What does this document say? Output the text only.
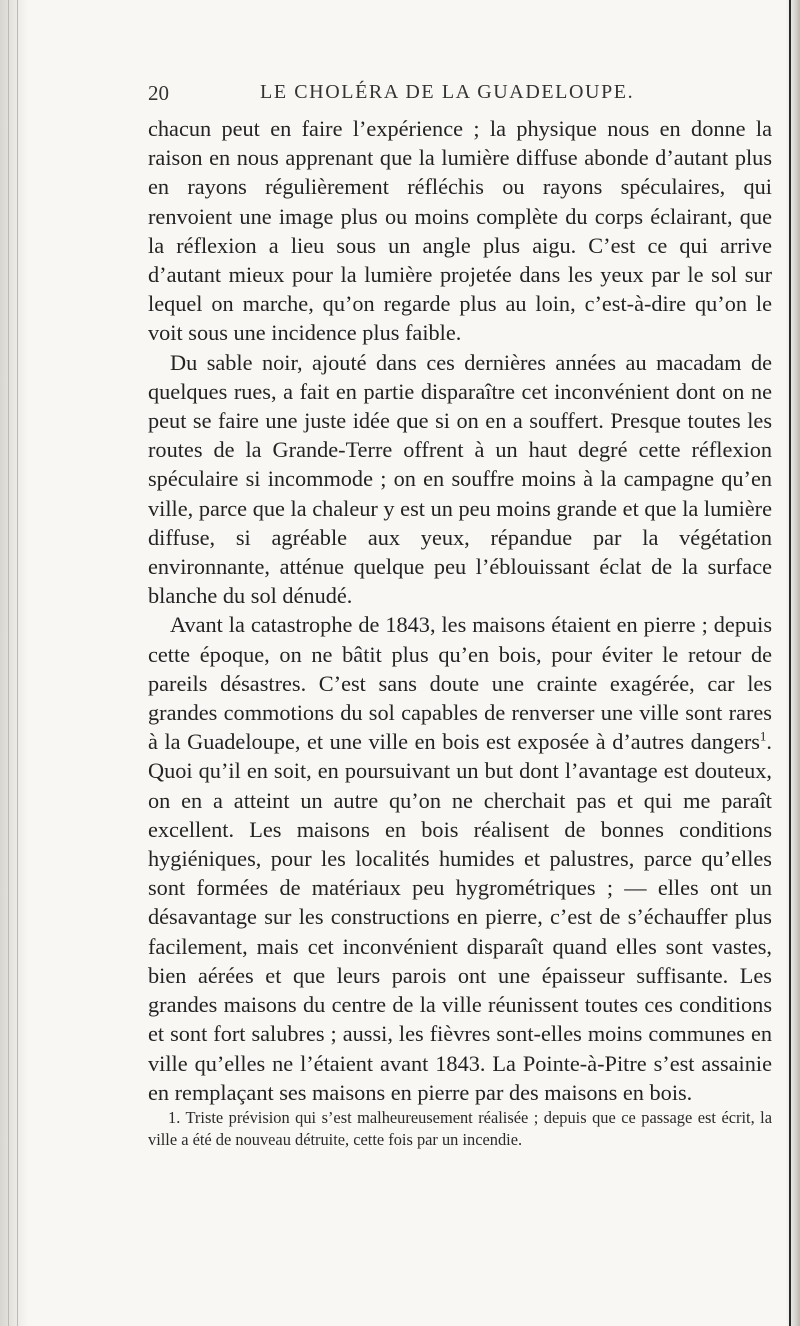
20	LE CHOLÉRA DE LA GUADELOUPE.

chacun peut en faire l’expérience ; la physique nous en donne la raison en nous apprenant que la lumière diffuse abonde d’autant plus en rayons régulièrement réfléchis ou rayons spéculaires, qui renvoient une image plus ou moins complète du corps éclairant, que la réflexion a lieu sous un angle plus aigu. C’est ce qui arrive d’autant mieux pour la lumière projetée dans les yeux par le sol sur lequel on marche, qu’on regarde plus au loin, c’est-à-dire qu’on le voit sous une incidence plus faible.

Du sable noir, ajouté dans ces dernières années au macadam de quelques rues, a fait en partie disparaître cet inconvénient dont on ne peut se faire une juste idée que si on en a souffert. Presque toutes les routes de la Grande-Terre offrent à un haut degré cette réflexion spéculaire si incommode ; on en souffre moins à la campagne qu’en ville, parce que la chaleur y est un peu moins grande et que la lumière diffuse, si agréable aux yeux, répandue par la végétation environnante, atténue quelque peu l’éblouissant éclat de la surface blanche du sol dénudé.

Avant la catastrophe de 1843, les maisons étaient en pierre ; depuis cette époque, on ne bâtit plus qu’en bois, pour éviter le retour de pareils désastres. C’est sans doute une crainte exagérée, car les grandes commotions du sol capables de renverser une ville sont rares à la Guadeloupe, et une ville en bois est exposée à d’autres dangers$^1$. Quoi qu’il en soit, en poursuivant un but dont l’avantage est douteux, on en a atteint un autre qu’on ne cherchait pas et qui me paraît excellent. Les maisons en bois réalisent de bonnes conditions hygiéniques, pour les localités humides et palustres, parce qu’elles sont formées de matériaux peu hygrométriques ; — elles ont un désavantage sur les constructions en pierre, c’est de s’échauffer plus facilement, mais cet inconvénient disparaît quand elles sont vastes, bien aérées et que leurs parois ont une épaisseur suffisante. Les grandes maisons du centre de la ville réunissent toutes ces conditions et sont fort salubres ; aussi, les fièvres sont-elles moins communes en ville qu’elles ne l’étaient avant 1843. La Pointe-à-Pitre s’est assainie en remplaçant ses maisons en pierre par des maisons en bois.

1. Triste prévision qui s’est malheureusement réalisée ; depuis que ce passage est écrit, la ville a été de nouveau détruite, cette fois par un incendie.
